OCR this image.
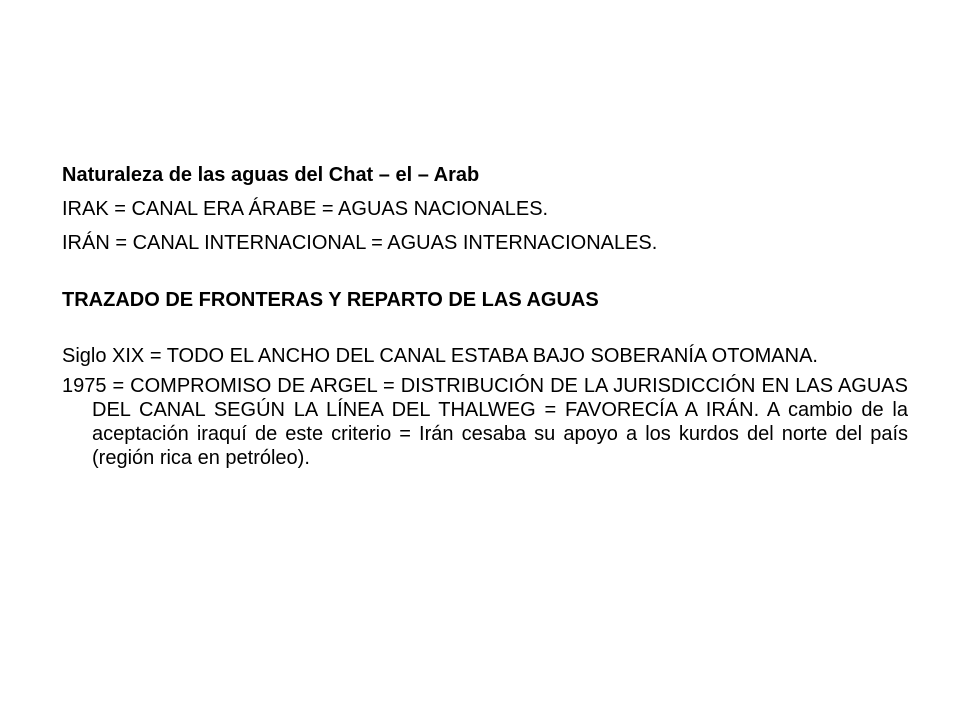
Naturaleza de las aguas del Chat – el – Arab
IRAK = CANAL ERA ÁRABE = AGUAS NACIONALES.
IRÁN = CANAL INTERNACIONAL = AGUAS INTERNACIONALES.
TRAZADO DE FRONTERAS Y REPARTO DE LAS AGUAS

Siglo XIX = TODO EL ANCHO DEL CANAL ESTABA BAJO SOBERANÍA OTOMANA.

1975 = COMPROMISO DE ARGEL = DISTRIBUCIÓN DE LA JURISDICCIÓN EN LAS AGUAS DEL CANAL SEGÚN LA LÍNEA DEL THALWEG = FAVORECÍA A IRÁN. A cambio de la aceptación iraquí de este criterio = Irán cesaba su apoyo a los kurdos del norte del país (región rica en petróleo).
